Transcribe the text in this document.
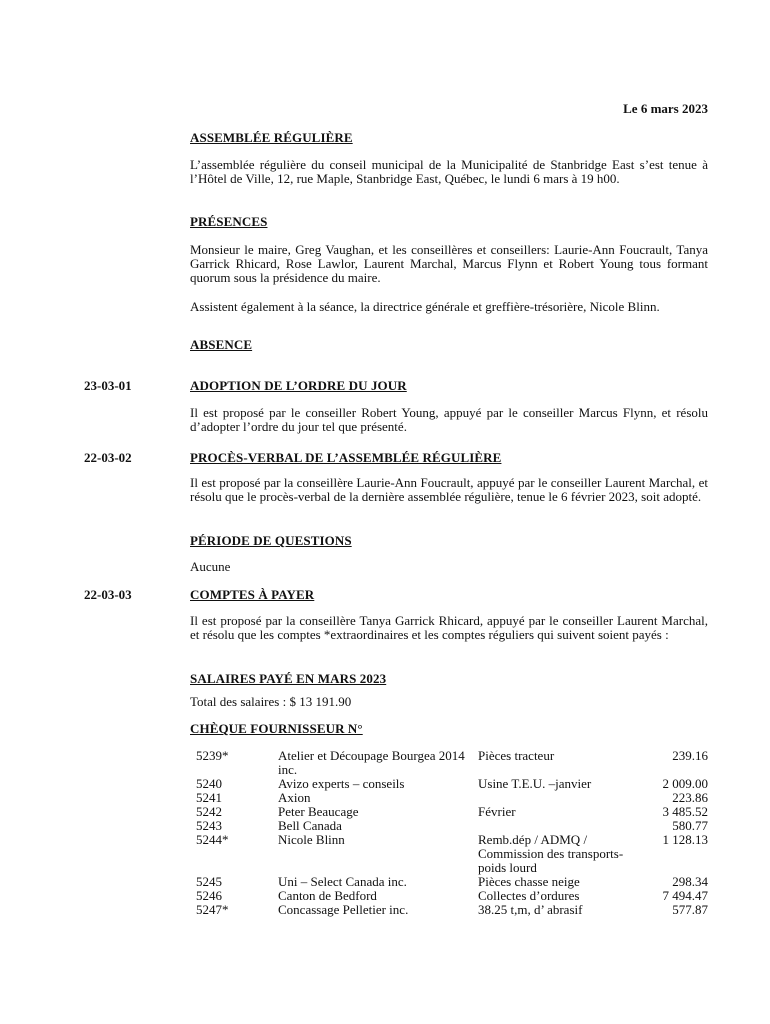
Le 6 mars 2023
ASSEMBLÉE RÉGULIÈRE

L’assemblée régulière du conseil municipal de la Municipalité de Stanbridge East s’est tenue à l’Hôtel de Ville, 12, rue Maple, Stanbridge East, Québec, le lundi 6 mars à 19 h00.

PRÉSENCES

Monsieur le maire, Greg Vaughan, et les conseillères et conseillers: Laurie-Ann Foucrault, Tanya Garrick Rhicard, Rose Lawlor, Laurent Marchal, Marcus Flynn et Robert Young tous formant quorum sous la présidence du maire.

Assistent également à la séance, la directrice générale et greffière-trésorière, Nicole Blinn.

ABSENCE
23-03-01	ADOPTION DE L’ORDRE DU JOUR

Il est proposé par le conseiller Robert Young, appuyé par le conseiller Marcus Flynn, et résolu d’adopter l’ordre du jour tel que présenté.

22-03-02	PROCÈS-VERBAL DE L’ASSEMBLÉE RÉGULIÈRE

Il est proposé par la conseillère Laurie-Ann Foucrault, appuyé par le conseiller Laurent Marchal, et résolu que le procès-verbal de la dernière assemblée régulière, tenue le 6 février 2023, soit adopté.

PÉRIODE DE QUESTIONS

Aucune

22-03-03	COMPTES À PAYER

Il est proposé par la conseillère Tanya Garrick Rhicard, appuyé par le conseiller Laurent Marchal, et résolu que les comptes *extraordinaires et les comptes réguliers qui suivent soient payés :

SALAIRES PAYÉ EN MARS 2023

Total des salaires : $ 13 191.90

CHÈQUE FOURNISSEUR N°
5239*	Atelier et Découpage Bourgea 2014 inc.	Pièces tracteur	239.16
5240	Avizo experts – conseils	Usine T.E.U. –janvier	2 009.00
5241	Axion		223.86
5242	Peter Beaucage	Février	3 485.52
5243	Bell Canada		580.77
5244*	Nicole Blinn	Remb.dép / ADMQ / Commission des transports-poids lourd	1 128.13
5245	Uni – Select Canada inc.	Pièces chasse neige	298.34
5246	Canton de Bedford	Collectes d’ordures	7 494.47
5247*	Concassage Pelletier inc.	38.25 t,m, d’ abrasif	577.87
